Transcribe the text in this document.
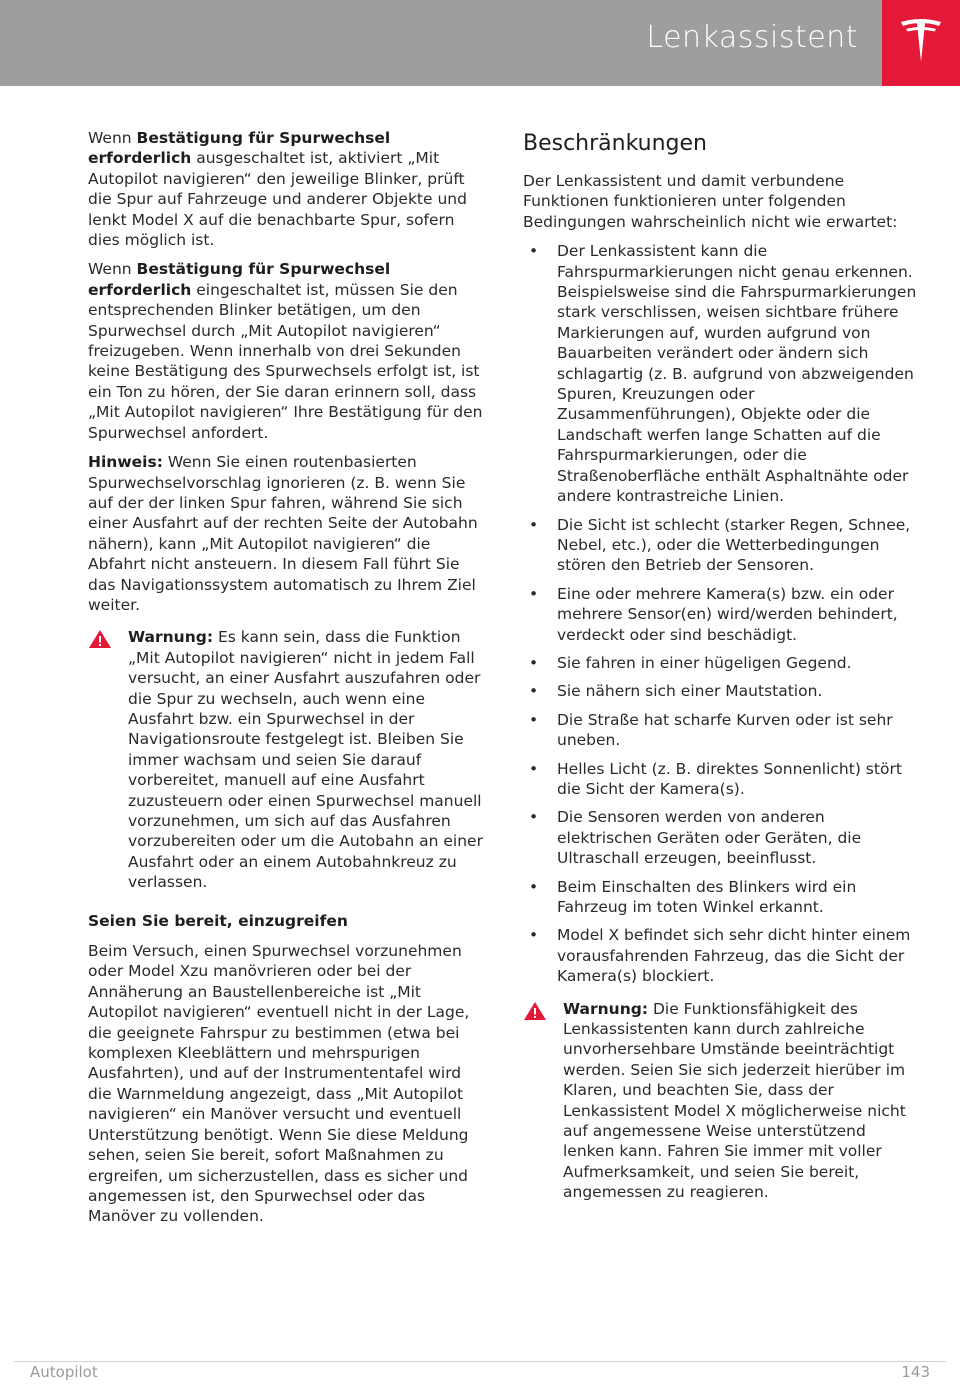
Lenkassistent

Wenn Bestätigung für Spurwechsel erforderlich ausgeschaltet ist, aktiviert „Mit Autopilot navigieren“ den jeweilige Blinker, prüft die Spur auf Fahrzeuge und anderer Objekte und lenkt Model X auf die benachbarte Spur, sofern dies möglich ist.

Wenn Bestätigung für Spurwechsel erforderlich eingeschaltet ist, müssen Sie den entsprechenden Blinker betätigen, um den Spurwechsel durch „Mit Autopilot navigieren“ freizugeben. Wenn innerhalb von drei Sekunden keine Bestätigung des Spurwechsels erfolgt ist, ist ein Ton zu hören, der Sie daran erinnern soll, dass „Mit Autopilot navigieren“ Ihre Bestätigung für den Spurwechsel anfordert.

Hinweis: Wenn Sie einen routenbasierten Spurwechselvorschlag ignorieren (z. B. wenn Sie auf der der linken Spur fahren, während Sie sich einer Ausfahrt auf der rechten Seite der Autobahn nähern), kann „Mit Autopilot navigieren“ die Abfahrt nicht ansteuern. In diesem Fall führt Sie das Navigationssystem automatisch zu Ihrem Ziel weiter.

Warnung: Es kann sein, dass die Funktion „Mit Autopilot navigieren“ nicht in jedem Fall versucht, an einer Ausfahrt auszufahren oder die Spur zu wechseln, auch wenn eine Ausfahrt bzw. ein Spurwechsel in der Navigationsroute festgelegt ist. Bleiben Sie immer wachsam und seien Sie darauf vorbereitet, manuell auf eine Ausfahrt zuzusteuern oder einen Spurwechsel manuell vorzunehmen, um sich auf das Ausfahren vorzubereiten oder um die Autobahn an einer Ausfahrt oder an einem Autobahnkreuz zu verlassen.
Seien Sie bereit, einzugreifen

Beim Versuch, einen Spurwechsel vorzunehmen oder Model Xzu manövrieren oder bei der Annäherung an Baustellenbereiche ist „Mit Autopilot navigieren“ eventuell nicht in der Lage, die geeignete Fahrspur zu bestimmen (etwa bei komplexen Kleeblättern und mehrspurigen Ausfahrten), und auf der Instrumententafel wird die Warnmeldung angezeigt, dass „Mit Autopilot navigieren“ ein Manöver versucht und eventuell Unterstützung benötigt. Wenn Sie diese Meldung sehen, seien Sie bereit, sofort Maßnahmen zu ergreifen, um sicherzustellen, dass es sicher und angemessen ist, den Spurwechsel oder das Manöver zu vollenden.

Beschränkungen

Der Lenkassistent und damit verbundene Funktionen funktionieren unter folgenden Bedingungen wahrscheinlich nicht wie erwartet:

• Der Lenkassistent kann die Fahrspurmarkierungen nicht genau erkennen. Beispielsweise sind die Fahrspurmarkierungen stark verschlissen, weisen sichtbare frühere Markierungen auf, wurden aufgrund von Bauarbeiten verändert oder ändern sich schlagartig (z. B. aufgrund von abzweigenden Spuren, Kreuzungen oder Zusammenführungen), Objekte oder die Landschaft werfen lange Schatten auf die Fahrspurmarkierungen, oder die Straßenoberfläche enthält Asphaltnähte oder andere kontrastreiche Linien.
• Die Sicht ist schlecht (starker Regen, Schnee, Nebel, etc.), oder die Wetterbedingungen stören den Betrieb der Sensoren.
• Eine oder mehrere Kamera(s) bzw. ein oder mehrere Sensor(en) wird/werden behindert, verdeckt oder sind beschädigt.
• Sie fahren in einer hügeligen Gegend.
• Sie nähern sich einer Mautstation.
• Die Straße hat scharfe Kurven oder ist sehr uneben.
• Helles Licht (z. B. direktes Sonnenlicht) stört die Sicht der Kamera(s).
• Die Sensoren werden von anderen elektrischen Geräten oder Geräten, die Ultraschall erzeugen, beeinflusst.
• Beim Einschalten des Blinkers wird ein Fahrzeug im toten Winkel erkannt.
• Model X befindet sich sehr dicht hinter einem vorausfahrenden Fahrzeug, das die Sicht der Kamera(s) blockiert.
Warnung: Die Funktionsfähigkeit des Lenkassistenten kann durch zahlreiche unvorhersehbare Umstände beeinträchtigt werden. Seien Sie sich jederzeit hierüber im Klaren, und beachten Sie, dass der Lenkassistent Model X möglicherweise nicht auf angemessene Weise unterstützend lenken kann. Fahren Sie immer mit voller Aufmerksamkeit, und seien Sie bereit, angemessen zu reagieren.
Autopilot	143
